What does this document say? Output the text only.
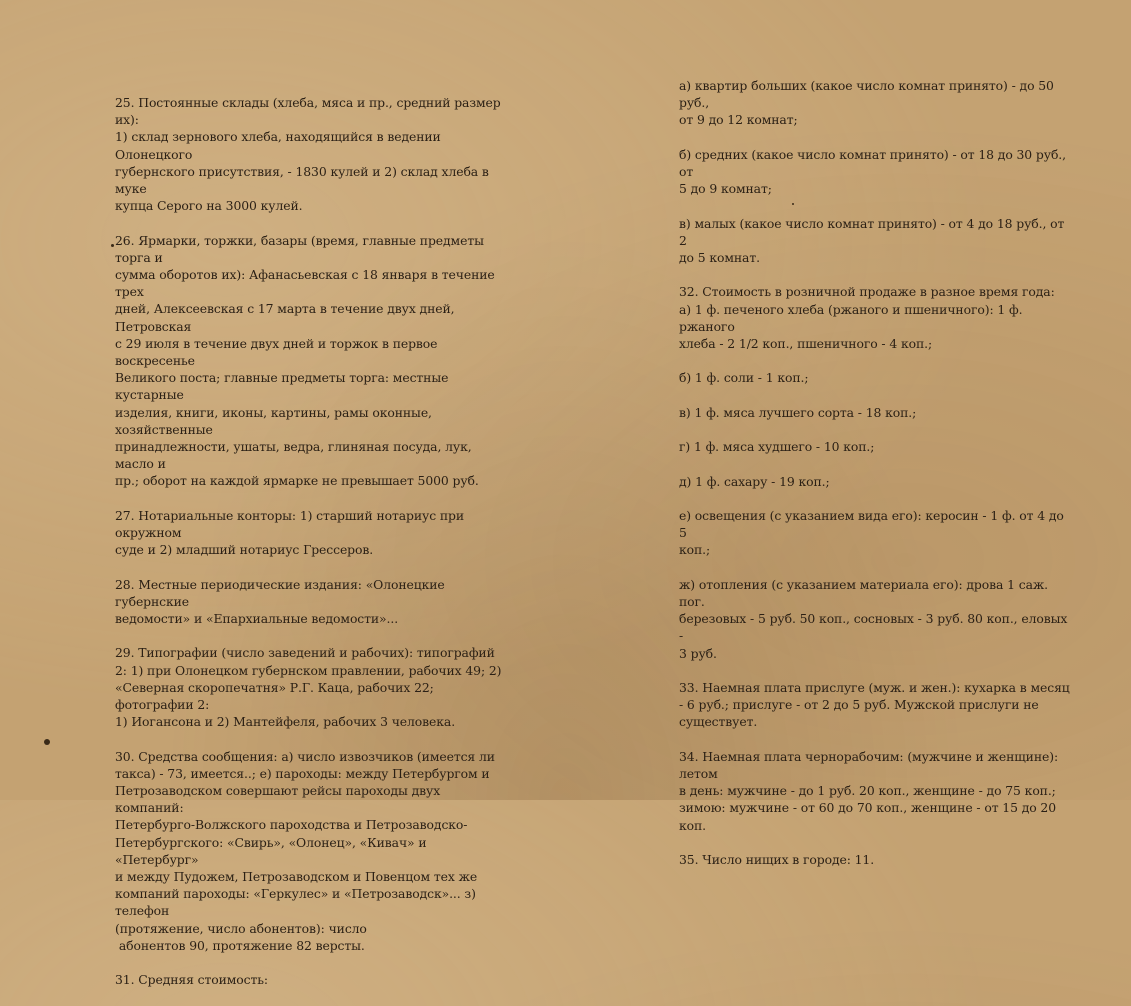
25. Постоянные склады (хлеба, мяса и пр., средний размер их):
1) склад зернового хлеба, находящийся в ведении Олонецкого
губернского присутствия, - 1830 кулей и 2) склад хлеба в муке
купца Серого на 3000 кулей.

26. Ярмарки, торжки, базары (время, главные предметы торга и
сумма оборотов их): Афанасьевская с 18 января в течение трех
дней, Алексеевская с 17 марта в течение двух дней, Петровская
с 29 июля в течение двух дней и торжок в первое воскресенье
Великого поста; главные предметы торга: местные кустарные
изделия, книги, иконы, картины, рамы оконные, хозяйственные
принадлежности, ушаты, ведра, глиняная посуда, лук, масло и
пр.; оборот на каждой ярмарке не превышает 5000 руб.

27. Нотариальные конторы: 1) старший нотариус при окружном
суде и 2) младший нотариус Грессеров.

28. Местные периодические издания: «Олонецкие губернские
ведомости» и «Епархиальные ведомости»...

29. Типографии (число заведений и рабочих): типографий
2: 1) при Олонецком губернском правлении, рабочих 49; 2)
«Северная скоропечатня» Р.Г. Каца, рабочих 22; фотографии 2:
1) Иогансона и 2) Мантейфеля, рабочих 3 человека.

30. Средства сообщения: а) число извозчиков (имеется ли
такса) - 73, имеется..; е) пароходы: между Петербургом и
Петрозаводском совершают рейсы пароходы двух компаний:
Петербурго-Волжского пароходства и Петрозаводско-
Петербургского: «Свирь», «Олонец», «Кивач» и «Петербург»
и между Пудожем, Петрозаводском и Повенцом тех же
компаний пароходы: «Геркулес» и «Петрозаводск»... з) телефон
(протяжение, число абонентов): число
абонентов 90, протяжение 82 версты.

31. Средняя стоимость:

а) квартир больших (какое число комнат принято) - до 50 руб.,
от 9 до 12 комнат;

б) средних (какое число комнат принято) - от 18 до 30 руб., от
5 до 9 комнат;

в) малых (какое число комнат принято) - от 4 до 18 руб., от 2
до 5 комнат.

32. Стоимость в розничной продаже в разное время года:
а) 1 ф. печеного хлеба (ржаного и пшеничного): 1 ф. ржаного
хлеба - 2 1/2 коп., пшеничного - 4 коп.;

б) 1 ф. соли - 1 коп.;

в) 1 ф. мяса лучшего сорта - 18 коп.;

г) 1 ф. мяса худшего - 10 коп.;

д) 1 ф. сахару - 19 коп.;

е) освещения (с указанием вида его): керосин - 1 ф. от 4 до 5
коп.;

ж) отопления (с указанием материала его): дрова 1 саж. пог.
березовых - 5 руб. 50 коп., сосновых - 3 руб. 80 коп., еловых -
3 руб.

33. Наемная плата прислуге (муж. и жен.): кухарка в месяц
- 6 руб.; прислуге - от 2 до 5 руб. Мужской прислуги не
существует.

34. Наемная плата чернорабочим: (мужчине и женщине): летом
в день: мужчине - до 1 руб. 20 коп., женщине - до 75 коп.;
зимою: мужчине - от 60 до 70 коп., женщине - от 15 до 20 коп.

35. Число нищих в городе: 11.
